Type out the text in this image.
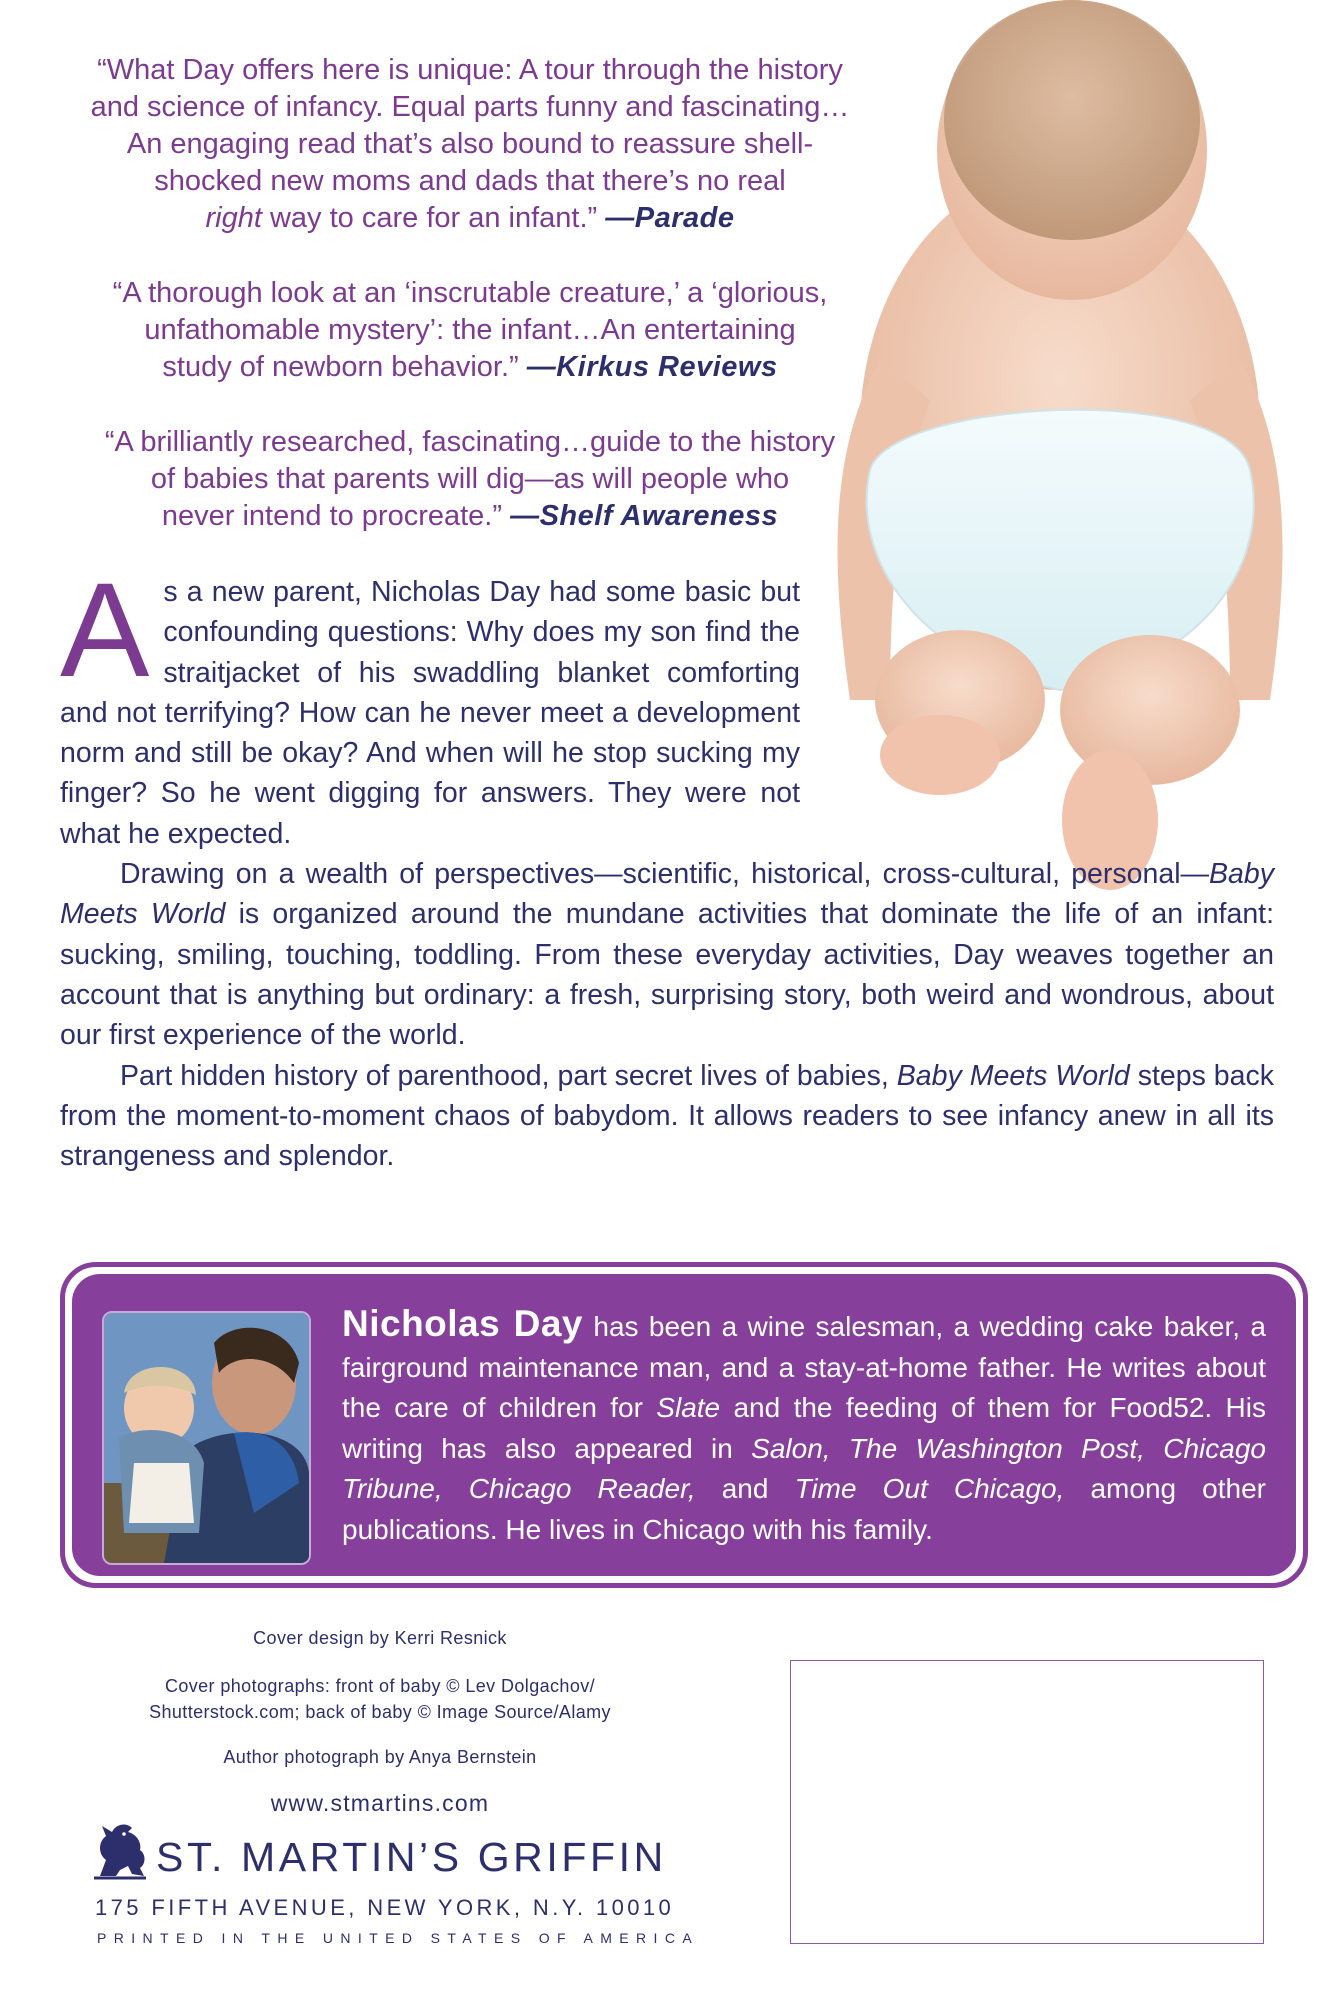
“What Day offers here is unique: A tour through the history
and science of infancy. Equal parts funny and fascinating…
An engaging read that’s also bound to reassure shell-
shocked new moms and dads that there’s no real
right way to care for an infant.” —Parade
“A thorough look at an ‘inscrutable creature,’ a ‘glorious,
unfathomable mystery’: the infant…An entertaining
study of newborn behavior.” —Kirkus Reviews
“A brilliantly researched, fascinating…guide to the history
of babies that parents will dig—as will people who
never intend to procreate.” —Shelf Awareness

As a new parent, Nicholas Day had some basic but confounding questions: Why does my son find the straitjacket of his swaddling blanket comforting and not terrifying? How can he never meet a development norm and still be okay? And when will he stop sucking my finger? So he went digging for answers. They were not what he expected.

Drawing on a wealth of perspectives—scientific, historical, cross-cultural, personal—Baby Meets World is organized around the mundane activities that dominate the life of an infant: sucking, smiling, touching, toddling. From these everyday activities, Day weaves together an account that is anything but ordinary: a fresh, surprising story, both weird and wondrous, about our first experience of the world.

Part hidden history of parenthood, part secret lives of babies, Baby Meets World steps back from the moment-to-moment chaos of babydom. It allows readers to see infancy anew in all its strangeness and splendor.

Nicholas Day has been a wine salesman, a wedding cake baker, a fairground maintenance man, and a stay-at-home father. He writes about the care of children for Slate and the feeding of them for Food52. His writing has also appeared in Salon, The Washington Post, Chicago Tribune, Chicago Reader, and Time Out Chicago, among other publications. He lives in Chicago with his family.

Cover design by Kerri Resnick

Cover photographs: front of baby © Lev Dolgachov/
Shutterstock.com; back of baby © Image Source/Alamy

Author photograph by Anya Bernstein

www.stmartins.com
ST. MARTIN’S GRIFFIN
175 FIFTH AVENUE, NEW YORK, N.Y. 10010
PRINTED IN THE UNITED STATES OF AMERICA
